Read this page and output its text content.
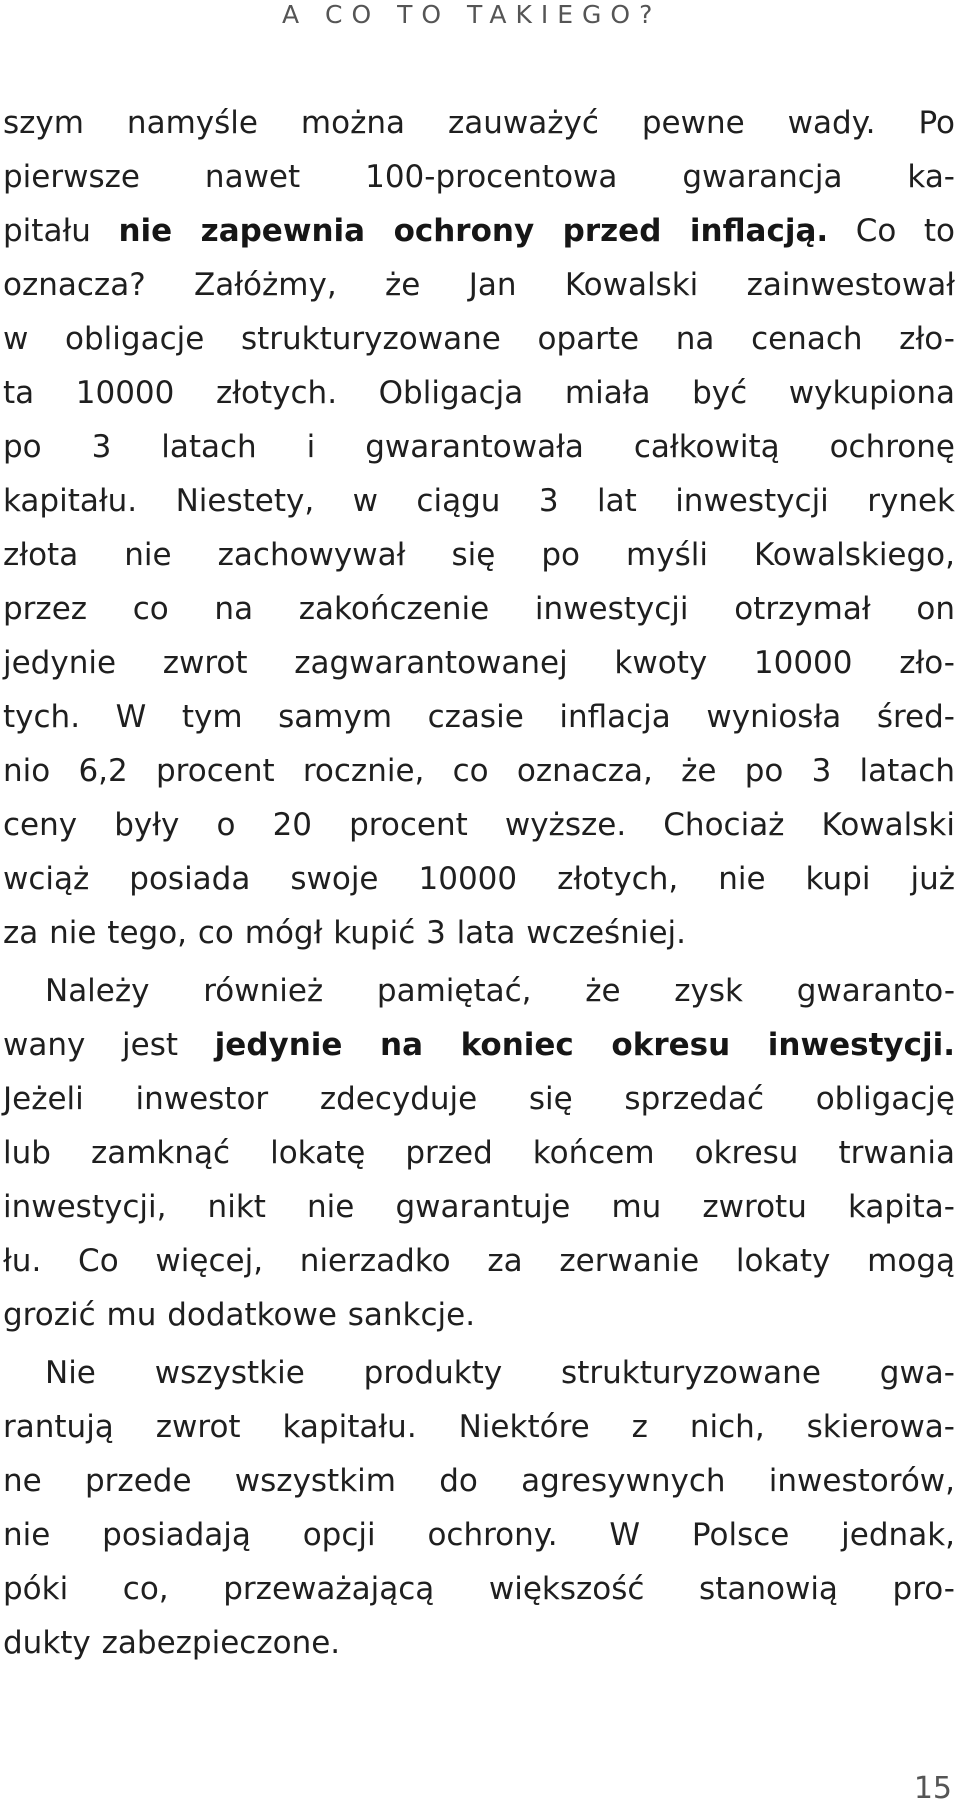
A CO TO TAKIEGO?

szym namyśle można zauważyć pewne wady. Po
pierwsze nawet 100-procentowa gwarancja ka-
pitału nie zapewnia ochrony przed inflacją. Co to
oznacza? Załóżmy, że Jan Kowalski zainwestował
w obligacje strukturyzowane oparte na cenach zło-
ta 10000 złotych. Obligacja miała być wykupiona
po 3 latach i gwarantowała całkowitą ochronę
kapitału. Niestety, w ciągu 3 lat inwestycji rynek
złota nie zachowywał się po myśli Kowalskiego,
przez co na zakończenie inwestycji otrzymał on
jedynie zwrot zagwarantowanej kwoty 10000 zło-
tych. W tym samym czasie inflacja wyniosła śred-
nio 6,2 procent rocznie, co oznacza, że po 3 latach
ceny były o 20 procent wyższe. Chociaż Kowalski
wciąż posiada swoje 10000 złotych, nie kupi już
za nie tego, co mógł kupić 3 lata wcześniej.

Należy również pamiętać, że zysk gwaranto-
wany jest jedynie na koniec okresu inwestycji.
Jeżeli inwestor zdecyduje się sprzedać obligację
lub zamknąć lokatę przed końcem okresu trwania
inwestycji, nikt nie gwarantuje mu zwrotu kapita-
łu. Co więcej, nierzadko za zerwanie lokaty mogą
grozić mu dodatkowe sankcje.

Nie wszystkie produkty strukturyzowane gwa-
rantują zwrot kapitału. Niektóre z nich, skierowa-
ne przede wszystkim do agresywnych inwestorów,
nie posiadają opcji ochrony. W Polsce jednak,
póki co, przeważającą większość stanowią pro-
dukty zabezpieczone.

15
